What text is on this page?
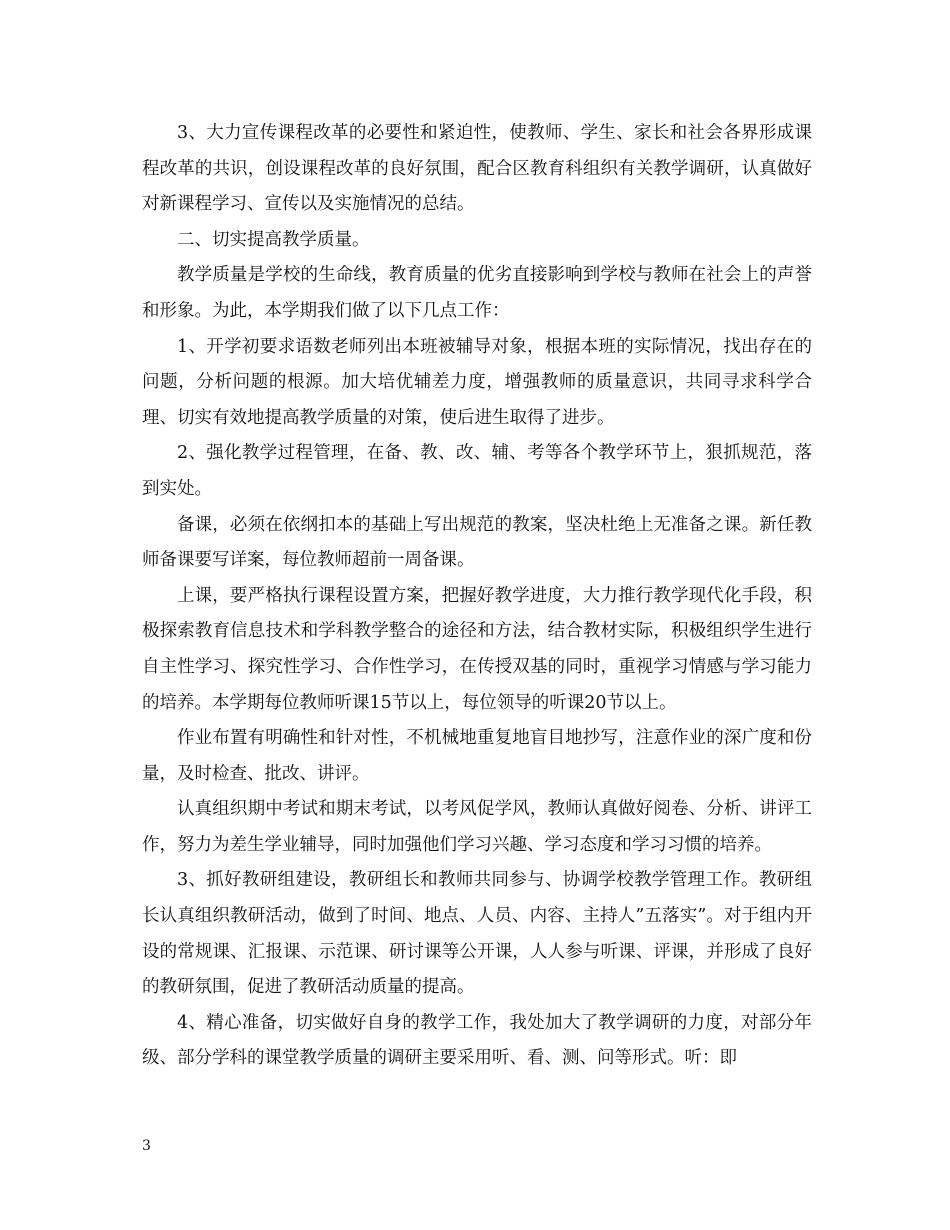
3、大力宣传课程改革的必要性和紧迫性，使教师、学生、家长和社会各界形成课程改革的共识，创设课程改革的良好氛围，配合区教育科组织有关教学调研，认真做好对新课程学习、宣传以及实施情况的总结。

二、切实提高教学质量。

教学质量是学校的生命线，教育质量的优劣直接影响到学校与教师在社会上的声誉和形象。为此，本学期我们做了以下几点工作：

1、开学初要求语数老师列出本班被辅导对象，根据本班的实际情况，找出存在的问题，分析问题的根源。加大培优辅差力度，增强教师的质量意识，共同寻求科学合理、切实有效地提高教学质量的对策，使后进生取得了进步。

2、强化教学过程管理，在备、教、改、辅、考等各个教学环节上，狠抓规范，落到实处。

备课，必须在依纲扣本的基础上写出规范的教案，坚决杜绝上无准备之课。新任教师备课要写详案，每位教师超前一周备课。

上课，要严格执行课程设置方案，把握好教学进度，大力推行教学现代化手段，积极探索教育信息技术和学科教学整合的途径和方法，结合教材实际，积极组织学生进行自主性学习、探究性学习、合作性学习，在传授双基的同时，重视学习情感与学习能力的培养。本学期每位教师听课15节以上，每位领导的听课20节以上。

作业布置有明确性和针对性，不机械地重复地盲目地抄写，注意作业的深广度和份量，及时检查、批改、讲评。

认真组织期中考试和期末考试，以考风促学风，教师认真做好阅卷、分析、讲评工作，努力为差生学业辅导，同时加强他们学习兴趣、学习态度和学习习惯的培养。

3、抓好教研组建设，教研组长和教师共同参与、协调学校教学管理工作。教研组长认真组织教研活动，做到了时间、地点、人员、内容、主持人”五落实”。对于组内开设的常规课、汇报课、示范课、研讨课等公开课，人人参与听课、评课，并形成了良好的教研氛围，促进了教研活动质量的提高。

4、精心准备，切实做好自身的教学工作，我处加大了教学调研的力度，对部分年级、部分学科的课堂教学质量的调研主要采用听、看、测、问等形式。听：即

3
